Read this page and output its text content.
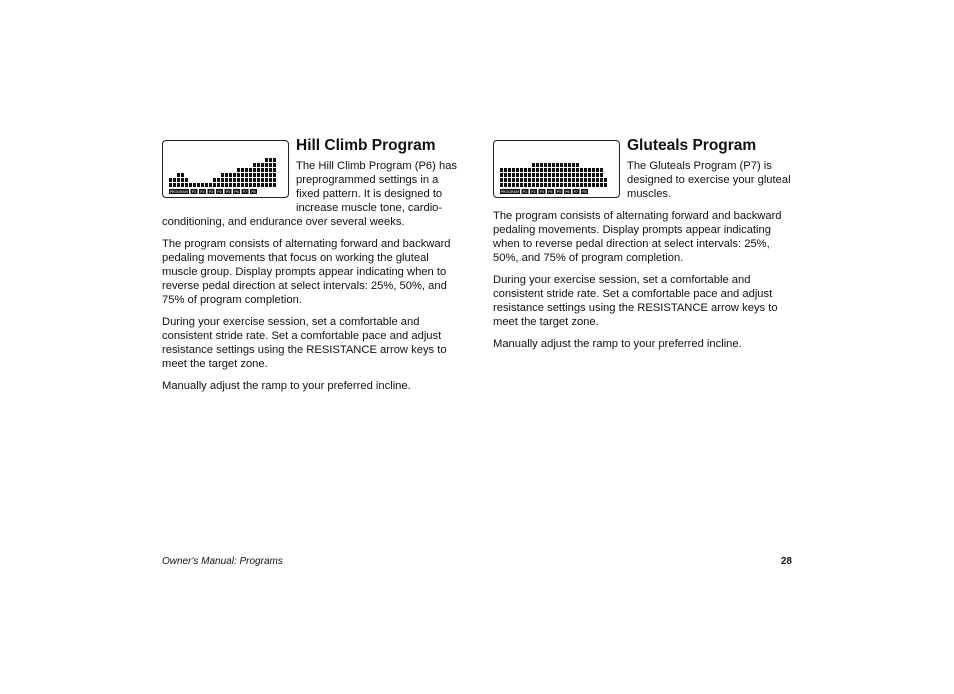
PROGRAM P1 P2 P3 P4 P5 P6 P7 P8
Hill Climb Program

The Hill Climb Program (P6) has preprogrammed settings in a fixed pattern. It is designed to increase muscle tone, cardio-conditioning, and endurance over several weeks.

The program consists of alternating forward and backward pedaling movements that focus on working the gluteal muscle group. Display prompts appear indicating when to reverse pedal direction at select intervals: 25%, 50%, and 75% of program completion.

During your exercise session, set a comfortable and consistent stride rate. Set a comfortable pace and adjust resistance settings using the RESISTANCE arrow keys to meet the target zone.

Manually adjust the ramp to your preferred incline.

PROGRAM P1 P2 P3 P4 P5 P6 P7 P8
Gluteals Program

The Gluteals Program (P7) is designed to exercise your gluteal muscles.

The program consists of alternating forward and backward pedaling movements. Display prompts appear indicating when to reverse pedal direction at select intervals: 25%, 50%, and 75% of program completion.

During your exercise session, set a comfortable and consistent stride rate. Set a comfortable pace and adjust resistance settings using the RESISTANCE arrow keys to meet the target zone.

Manually adjust the ramp to your preferred incline.

Owner's Manual: Programs	28
